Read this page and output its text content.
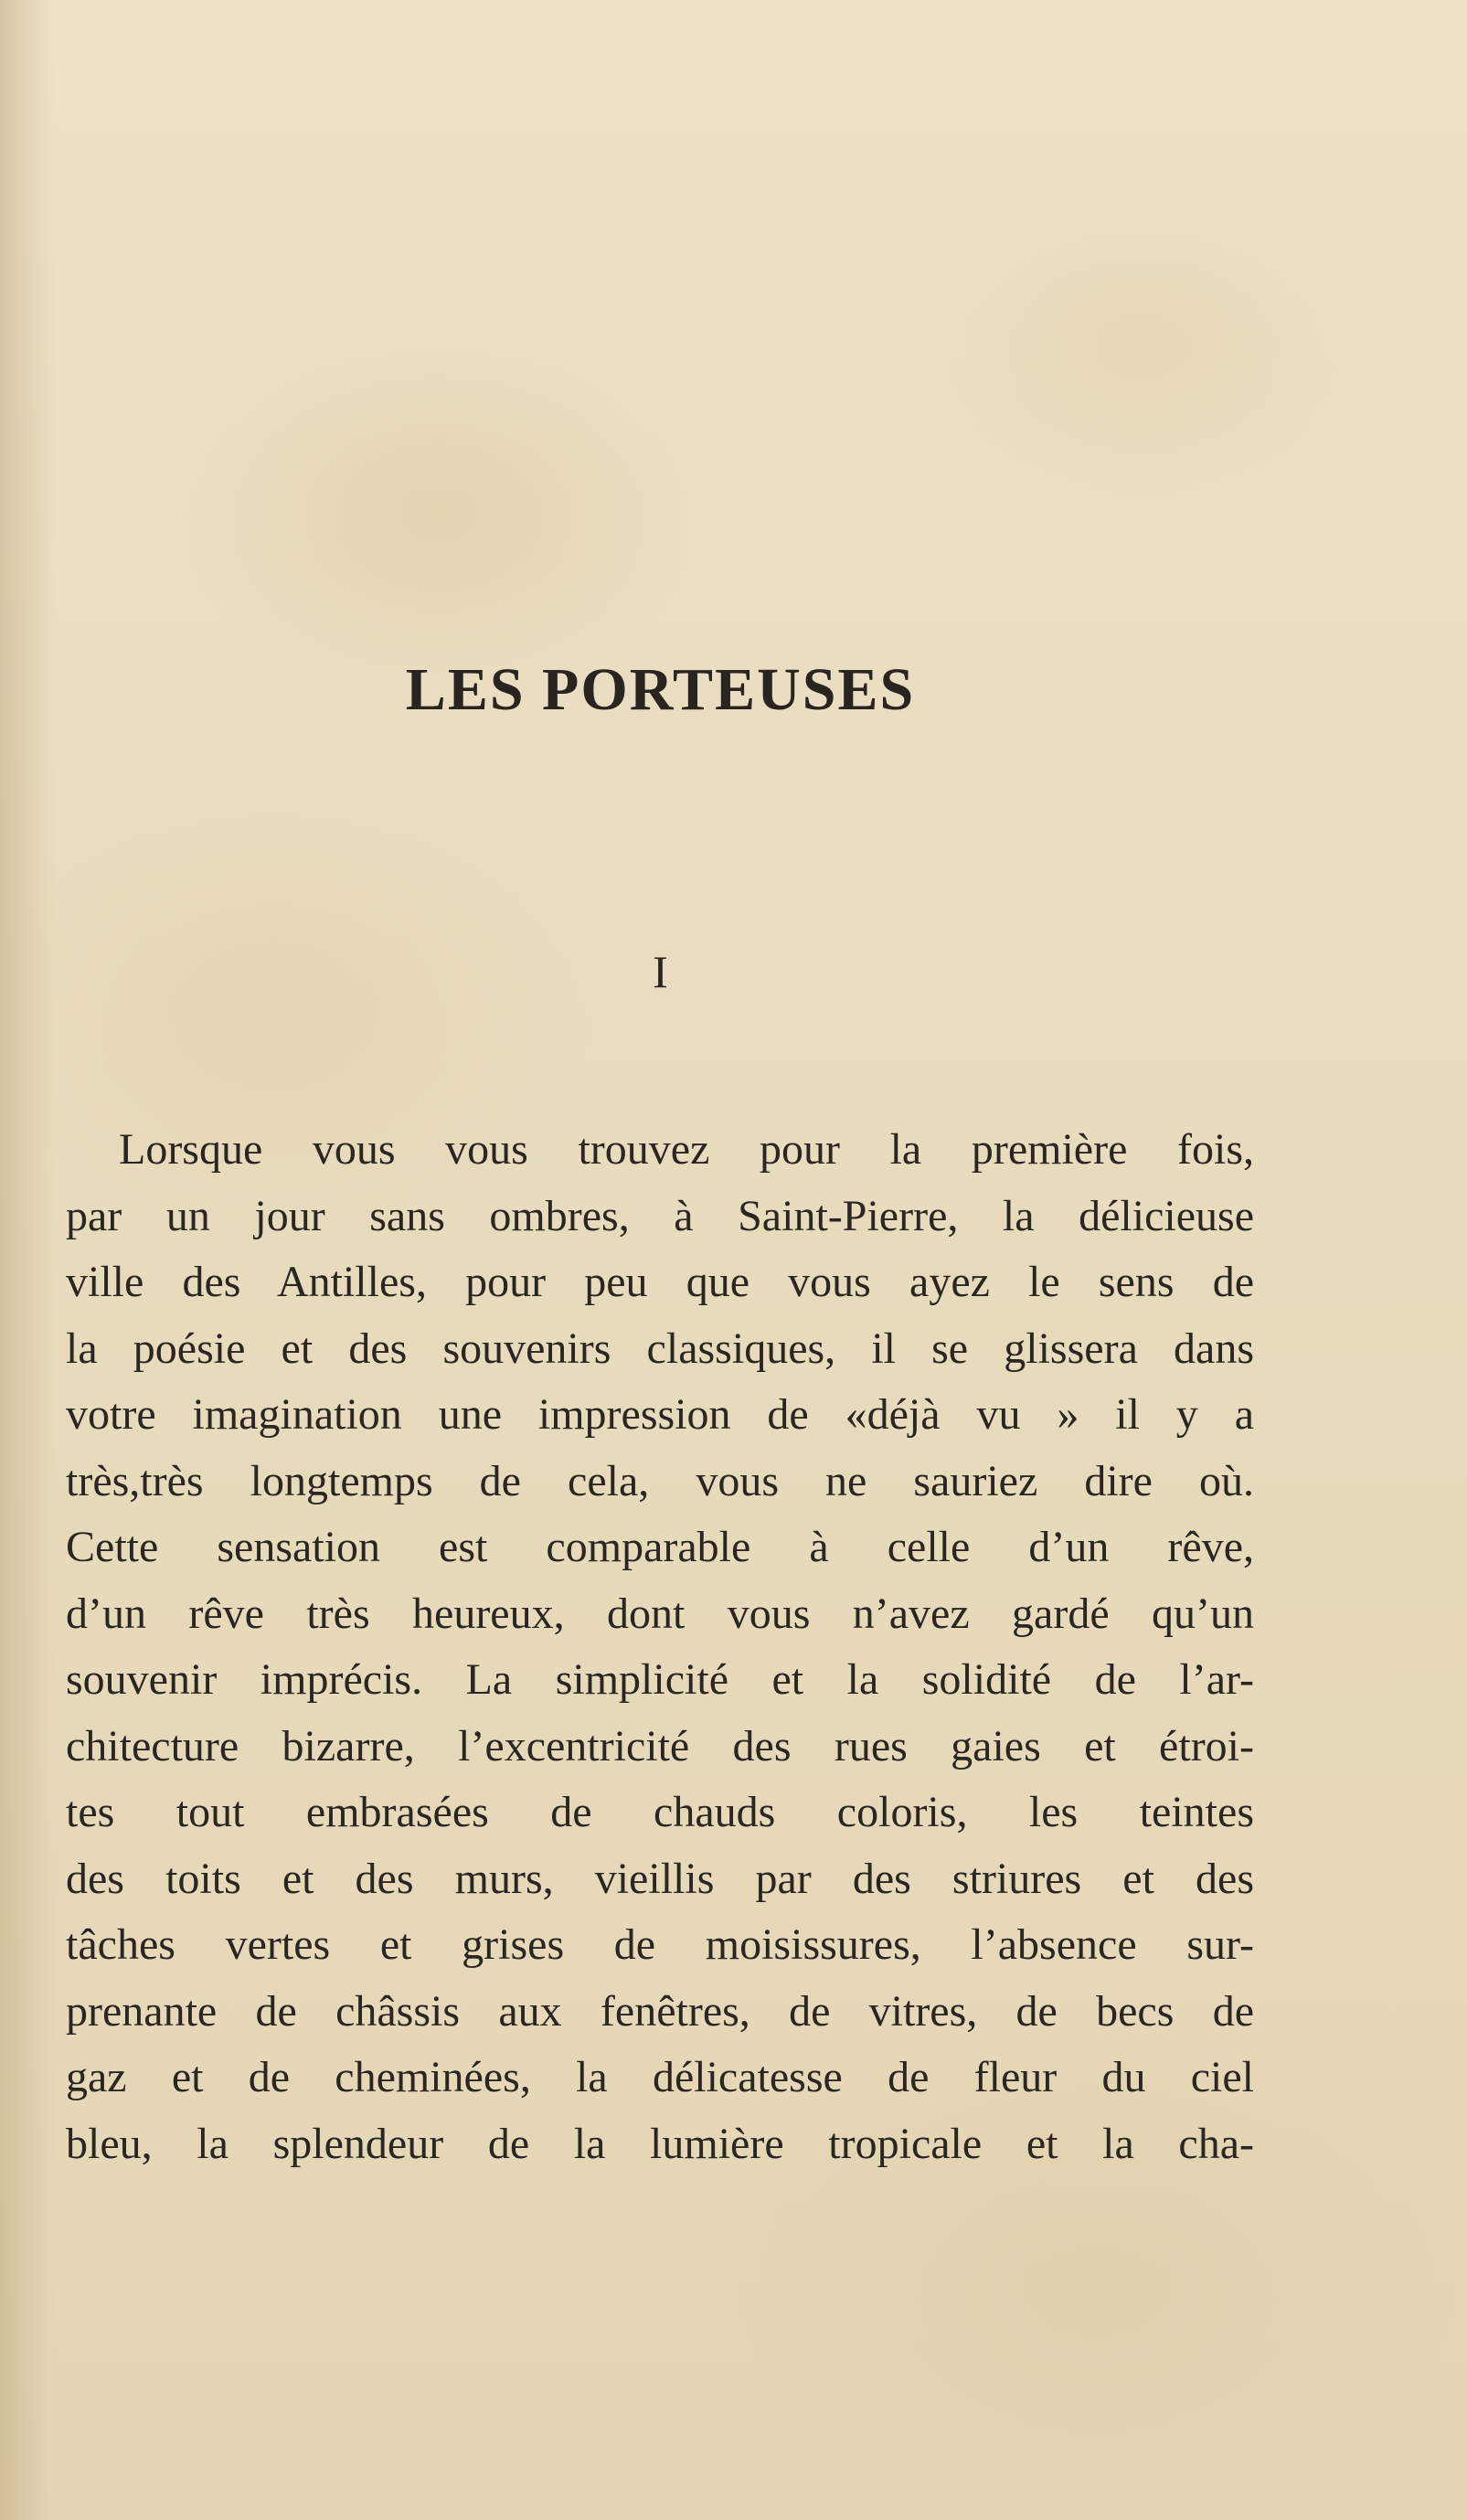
LES PORTEUSES
I
Lorsque vous vous trouvez pour la première fois,
par un jour sans ombres, à Saint-Pierre, la délicieuse
ville des Antilles, pour peu que vous ayez le sens de
la poésie et des souvenirs classiques, il se glissera dans
votre imagination une impression de «déjà vu » il y a
très,très longtemps de cela, vous ne sauriez dire où.
Cette sensation est comparable à celle d’un rêve,
d’un rêve très heureux, dont vous n’avez gardé qu’un
souvenir imprécis. La simplicité et la solidité de l’ar-
chitecture bizarre, l’excentricité des rues gaies et étroi-
tes tout embrasées de chauds coloris, les teintes
des toits et des murs, vieillis par des striures et des
tâches vertes et grises de moisissures, l’absence sur-
prenante de châssis aux fenêtres, de vitres, de becs de
gaz et de cheminées, la délicatesse de fleur du ciel
bleu, la splendeur de la lumière tropicale et la cha-
